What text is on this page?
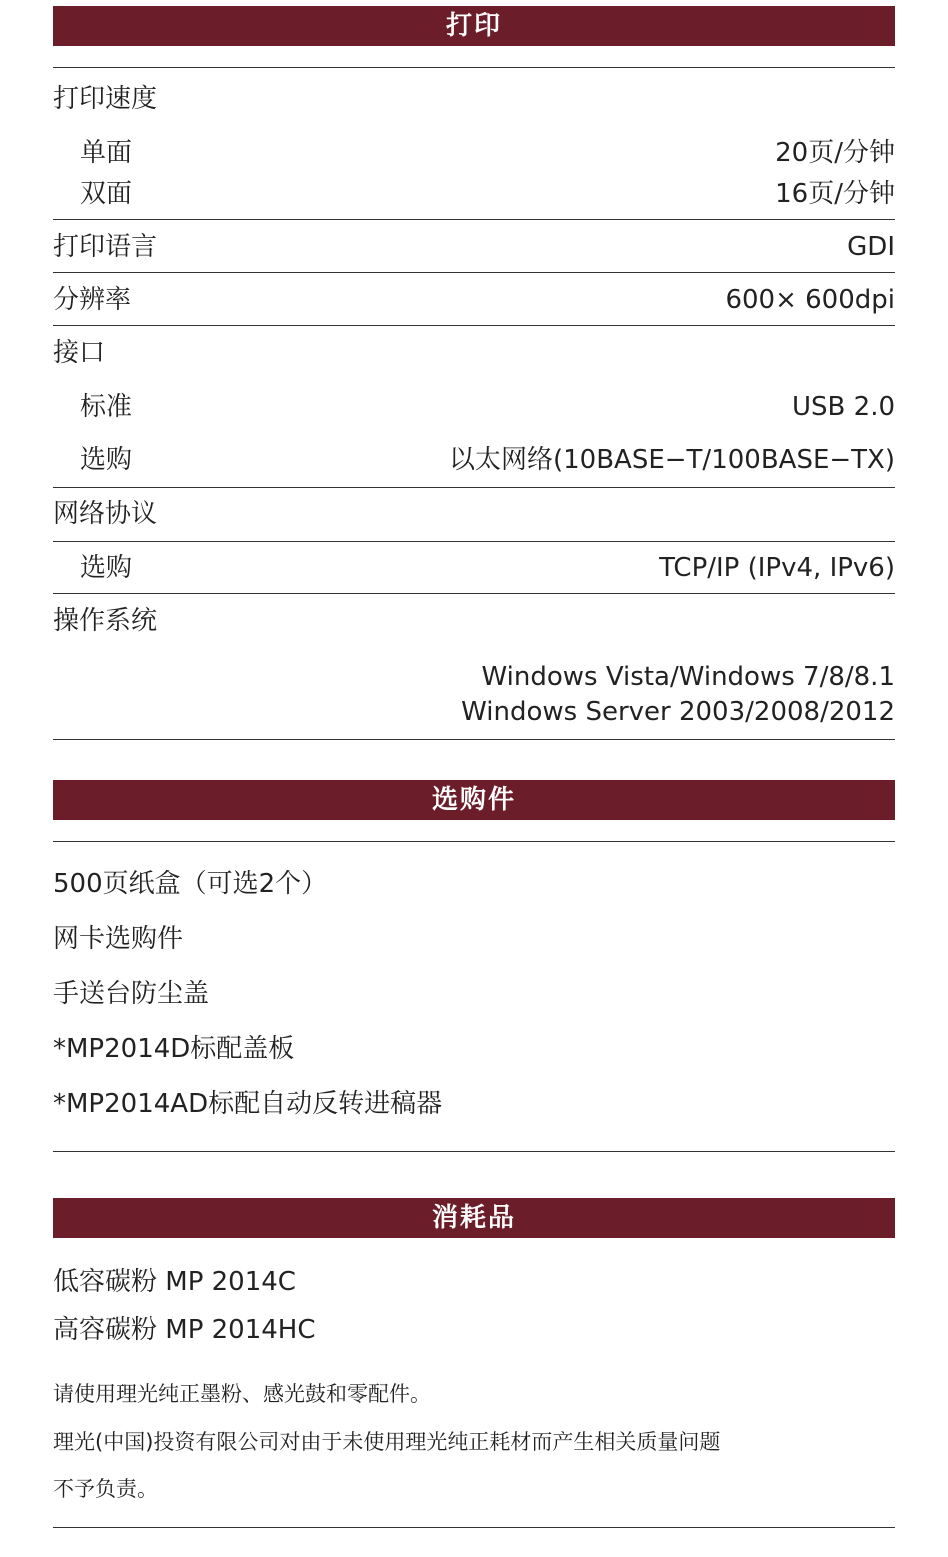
打印
打印速度
单面	20页/分钟
双面	16页/分钟
打印语言	GDI
分辨率	600× 600dpi
接口
标准	USB 2.0
选购	以太网络(10BASE−T/100BASE−TX)
网络协议
选购	TCP/IP (IPv4, IPv6)
操作系统
Windows Vista/Windows 7/8/8.1
Windows Server 2003/2008/2012
选购件
500页纸盒（可选2个）
网卡选购件
手送台防尘盖
*MP2014D标配盖板
*MP2014AD标配自动反转进稿器
消耗品
低容碳粉 MP 2014C
高容碳粉 MP 2014HC
请使用理光纯正墨粉、感光鼓和零配件。
理光(中国)投资有限公司对由于未使用理光纯正耗材而产生相关质量问题
不予负责。
